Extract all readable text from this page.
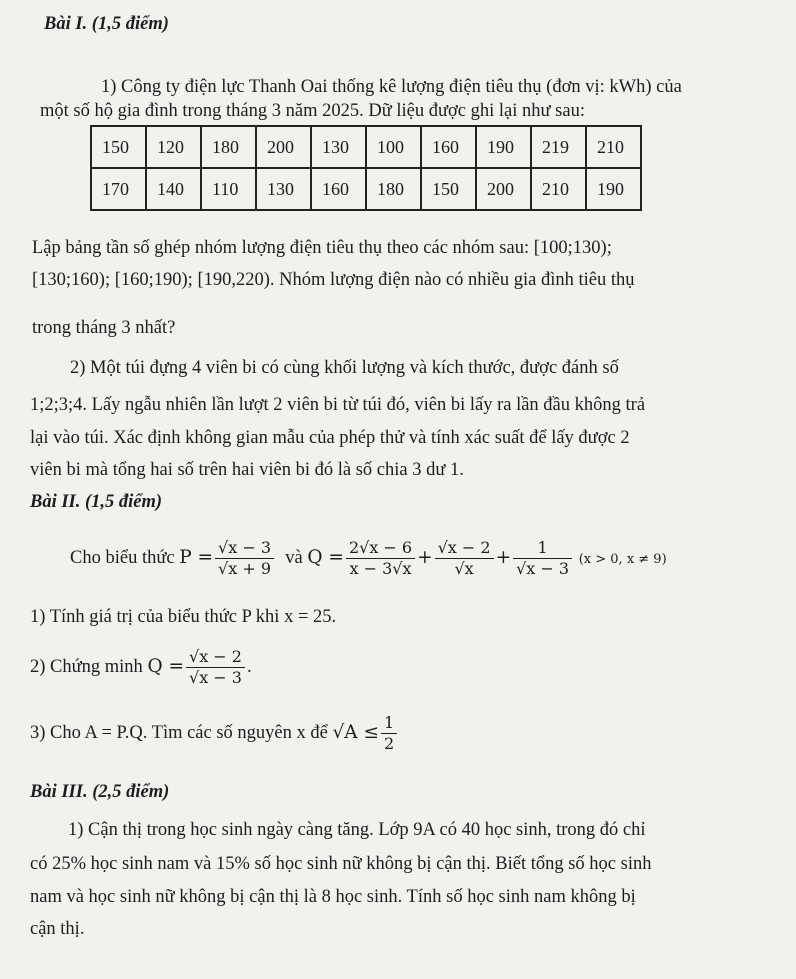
Bài I. (1,5 điểm)
1) Công ty điện lực Thanh Oai thống kê lượng điện tiêu thụ (đơn vị: kWh) của
một số hộ gia đình trong tháng 3 năm 2025. Dữ liệu được ghi lại như sau:
150	120	180	200	130	100	160	190	219	210
170	140	110	130	160	180	150	200	210	190
Lập bảng tần số ghép nhóm lượng điện tiêu thụ theo các nhóm sau: [100;130);
[130;160); [160;190); [190,220). Nhóm lượng điện nào có nhiều gia đình tiêu thụ
trong tháng 3 nhất?
2) Một túi đựng 4 viên bi có cùng khối lượng và kích thước, được đánh số
1;2;3;4. Lấy ngẫu nhiên lần lượt 2 viên bi từ túi đó, viên bi lấy ra lần đầu không trả
lại vào túi. Xác định không gian mẫu của phép thử và tính xác suất để lấy được 2
viên bi mà tổng hai số trên hai viên bi đó là số chia 3 dư 1.
Bài II. (1,5 điểm)
Cho biểu thức $P = \frac{√x - 3}{√x + 9}$ và $Q = \frac{2√x - 6}{x - 3√x} + \frac{√x - 2}{√x} + \frac{1}{√x - 3} (x > 0$, x ≠ 9)
1) Tính giá trị của biểu thức P khi x = 25.
2) Chứng minh $Q = \frac{√x - 2}{√x - 3}$ .
3) Cho A = P.Q. Tìm các số nguyên x để $√A \le \frac{1}{2}$
Bài III. (2,5 điểm)
1) Cận thị trong học sinh ngày càng tăng. Lớp 9A có 40 học sinh, trong đó chỉ
có 25% học sinh nam và 15% số học sinh nữ không bị cận thị. Biết tổng số học sinh
nam và học sinh nữ không bị cận thị là 8 học sinh. Tính số học sinh nam không bị
cận thị.
